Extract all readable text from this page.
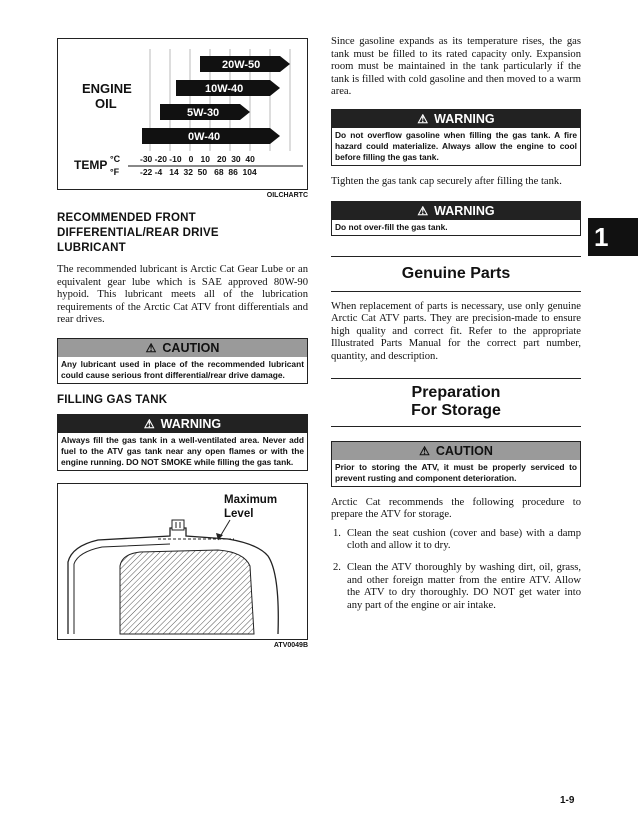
20W-50
10W-40
5W-30
0W-40
ENGINE
OIL
TEMP °C
°F
-30 -20 -10   0   10   20  30  40
-22 -4   14  32  50   68  86  104
OILCHARTC
RECOMMENDED FRONT DIFFERENTIAL/REAR DRIVE LUBRICANT
The recommended lubricant is Arctic Cat Gear Lube or an equivalent gear lube which is SAE approved 80W-90 hypoid. This lubricant meets all of the lubrication requirements of the Arctic Cat ATV front differentials and rear drives.
⚠ CAUTION
Any lubricant used in place of the recommended lubricant could cause serious front differential/rear drive damage.
FILLING GAS TANK
⚠ WARNING
Always fill the gas tank in a well-ventilated area. Never add fuel to the ATV gas tank near any open flames or with the engine running. DO NOT SMOKE while filling the gas tank.
Maximum
Level
ATV0049B
Since gasoline expands as its temperature rises, the gas tank must be filled to its rated capacity only. Expansion room must be maintained in the tank particularly if the tank is filled with cold gasoline and then moved to a warm area.
⚠ WARNING
Do not overflow gasoline when filling the gas tank. A fire hazard could materialize. Always allow the engine to cool before filling the gas tank.
Tighten the gas tank cap securely after filling the tank.
⚠ WARNING
Do not over-fill the gas tank.
Genuine Parts
When replacement of parts is necessary, use only genuine Arctic Cat ATV parts. They are precision-made to ensure high quality and correct fit. Refer to the appropriate Illustrated Parts Manual for the correct part number, quantity, and description.
Preparation
For Storage
⚠ CAUTION
Prior to storing the ATV, it must be properly serviced to prevent rusting and component deterioration.
Arctic Cat recommends the following procedure to prepare the ATV for storage.
1. Clean the seat cushion (cover and base) with a damp cloth and allow it to dry.
2. Clean the ATV thoroughly by washing dirt, oil, grass, and other foreign matter from the entire ATV. Allow the ATV to dry thoroughly. DO NOT get water into any part of the engine or air intake.
1
1-9
